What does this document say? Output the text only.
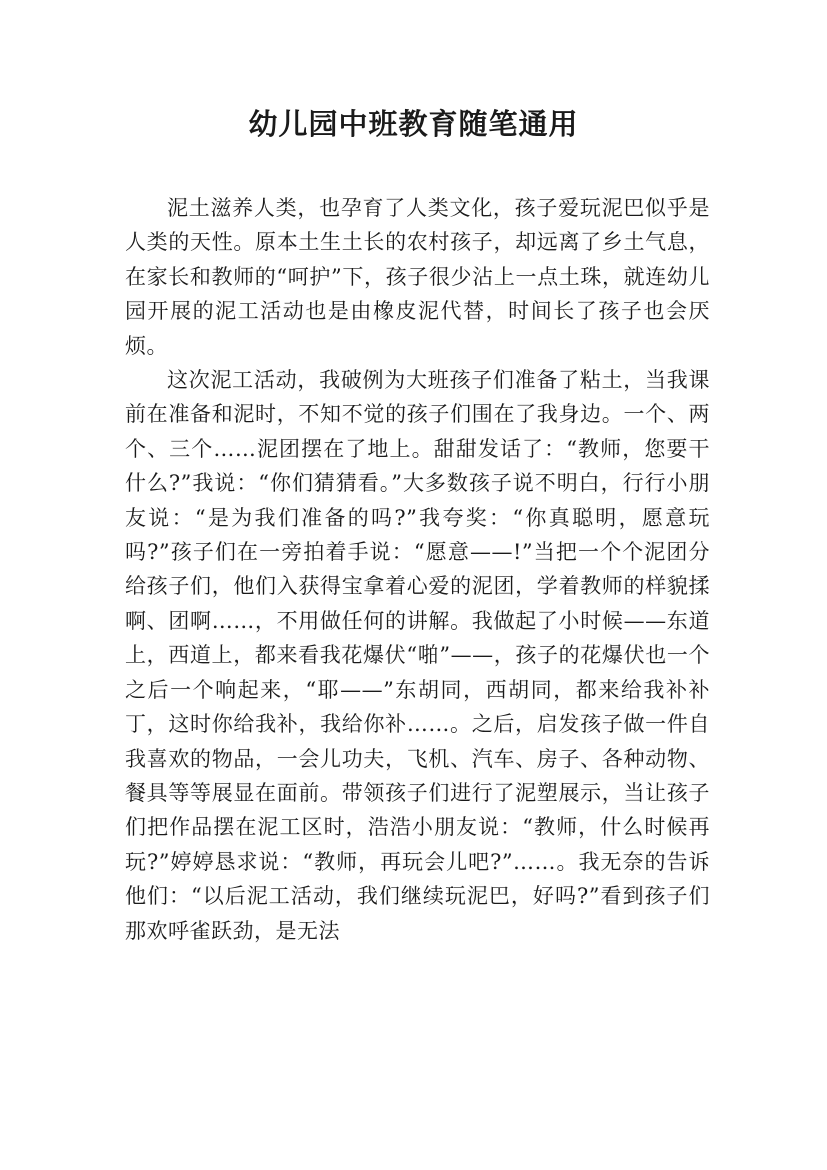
幼儿园中班教育随笔通用

泥土滋养人类，也孕育了人类文化，孩子爱玩泥巴似乎是人类的天性。原本土生土长的农村孩子，却远离了乡土气息，在家长和教师的“呵护”下，孩子很少沾上一点土珠，就连幼儿园开展的泥工活动也是由橡皮泥代替，时间长了孩子也会厌烦。

这次泥工活动，我破例为大班孩子们准备了粘土，当我课前在准备和泥时，不知不觉的孩子们围在了我身边。一个、两个、三个……泥团摆在了地上。甜甜发话了：“教师，您要干什么?”我说：“你们猜猜看。”大多数孩子说不明白，行行小朋友说：“是为我们准备的吗?”我夸奖：“你真聪明，愿意玩吗?”孩子们在一旁拍着手说：“愿意——!”当把一个个泥团分给孩子们，他们入获得宝拿着心爱的泥团，学着教师的样貌揉啊、团啊……，不用做任何的讲解。我做起了小时候——东道上，西道上，都来看我花爆伏“啪”——，孩子的花爆伏也一个之后一个响起来，“耶——”东胡同，西胡同，都来给我补补丁，这时你给我补，我给你补……。之后，启发孩子做一件自我喜欢的物品，一会儿功夫，飞机、汽车、房子、各种动物、餐具等等展显在面前。带领孩子们进行了泥塑展示，当让孩子们把作品摆在泥工区时，浩浩小朋友说：“教师，什么时候再玩?”婷婷恳求说：“教师，再玩会儿吧?”……。我无奈的告诉他们：“以后泥工活动，我们继续玩泥巴，好吗?”看到孩子们那欢呼雀跃劲，是无法
